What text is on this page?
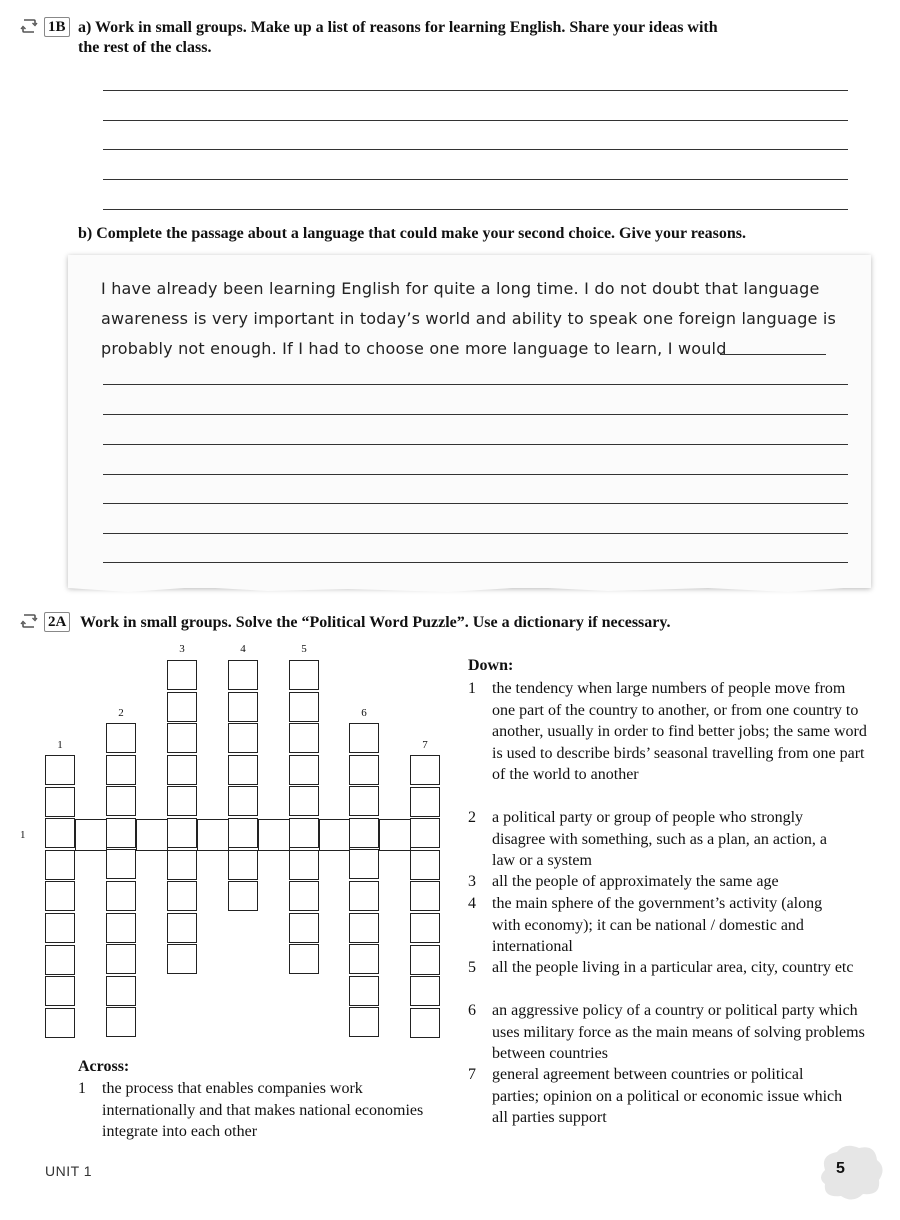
1B a) Work in small groups. Make up a list of reasons for learning English. Share your ideas with
the rest of the class.
b) Complete the passage about a language that could make your second choice. Give your reasons.
I have already been learning English for quite a long time. I do not doubt that language
awareness is very important in today’s world and ability to speak one foreign language is
probably not enough. If I had to choose one more language to learn, I would
2A Work in small groups. Solve the “Political Word Puzzle”. Use a dictionary if necessary.
1
2
3	4	5
6
7
1
Down:
1	the tendency when large numbers of people move from one part of the country to another, or from one country to another, usually in order to find better jobs; the same word is used to describe birds’ seasonal travelling from one part of the world to another
2	a political party or group of people who strongly disagree with something, such as a plan, an action, a law or a system
3	all the people of approximately the same age
4	the main sphere of the government’s activity (along with economy); it can be national / domestic and international
5	all the people living in a particular area, city, country etc
6	an aggressive policy of a country or political party which uses military force as the main means of solving problems between countries
7	general agreement between countries or political parties; opinion on a political or economic issue which all parties support
Across:
1	the process that enables companies work internationally and that makes national economies integrate into each other
UNIT 1	5
